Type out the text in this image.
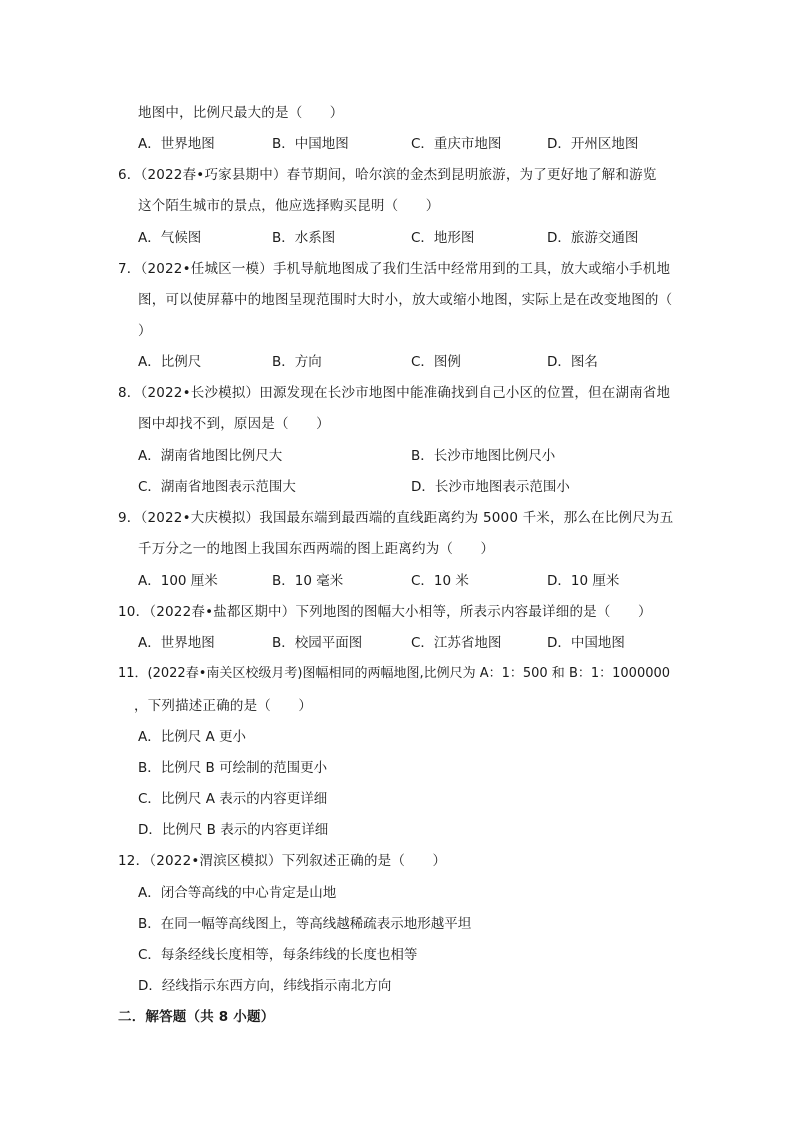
地图中，比例尺最大的是（　　）
A．世界地图	B．中国地图	C．重庆市地图	D．开州区地图
6．（2022春•巧家县期中）春节期间，哈尔滨的金杰到昆明旅游，为了更好地了解和游览
这个陌生城市的景点，他应选择购买昆明（　　）
A．气候图	B．水系图	C．地形图	D．旅游交通图
7．（2022•任城区一模）手机导航地图成了我们生活中经常用到的工具，放大或缩小手机地
图，可以使屏幕中的地图呈现范围时大时小，放大或缩小地图，实际上是在改变地图的（
）
A．比例尺	B．方向	C．图例	D．图名
8．（2022•长沙模拟）田源发现在长沙市地图中能准确找到自己小区的位置，但在湖南省地
图中却找不到，原因是（　　）
A．湖南省地图比例尺大	B．长沙市地图比例尺小
C．湖南省地图表示范围大	D．长沙市地图表示范围小
9．（2022•大庆模拟）我国最东端到最西端的直线距离约为 5000 千米，那么在比例尺为五
千万分之一的地图上我国东西两端的图上距离约为（　　）
A．100 厘米	B．10 毫米	C．10 米	D．10 厘米
10．（2022春•盐都区期中）下列地图的图幅大小相等，所表示内容最详细的是（　　）
A．世界地图	B．校园平面图	C．江苏省地图	D．中国地图
11．(2022春•南关区校级月考)图幅相同的两幅地图,比例尺为 A：1：500 和 B：1：1000000
，下列描述正确的是（　　）
A．比例尺 A 更小
B．比例尺 B 可绘制的范围更小
C．比例尺 A 表示的内容更详细
D．比例尺 B 表示的内容更详细
12．（2022•渭滨区模拟）下列叙述正确的是（　　）
A．闭合等高线的中心肯定是山地
B．在同一幅等高线图上，等高线越稀疏表示地形越平坦
C．每条经线长度相等，每条纬线的长度也相等
D．经线指示东西方向，纬线指示南北方向
二．解答题（共 8 小题）
